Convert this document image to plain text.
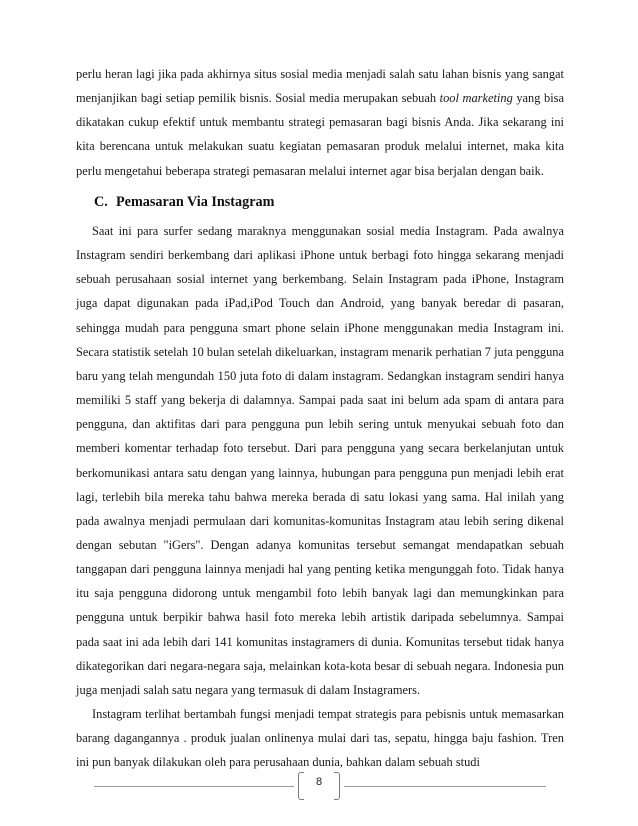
perlu heran lagi jika pada akhirnya situs sosial media menjadi salah satu lahan bisnis yang sangat menjanjikan bagi setiap pemilik bisnis. Sosial media merupakan sebuah tool marketing yang bisa dikatakan cukup efektif untuk membantu strategi pemasaran bagi bisnis Anda. Jika sekarang ini kita berencana untuk melakukan suatu kegiatan pemasaran produk melalui internet, maka kita perlu mengetahui beberapa strategi pemasaran melalui internet agar bisa berjalan dengan baik.

C. Pemasaran Via Instagram

Saat ini para surfer sedang maraknya menggunakan sosial media Instagram. Pada awalnya Instagram sendiri berkembang dari aplikasi iPhone untuk berbagi foto hingga sekarang menjadi sebuah perusahaan sosial internet yang berkembang. Selain Instagram pada iPhone, Instagram juga dapat digunakan pada iPad,iPod Touch dan Android, yang banyak beredar di pasaran, sehingga mudah para pengguna smart phone selain iPhone menggunakan media Instagram ini. Secara statistik setelah 10 bulan setelah dikeluarkan, instagram menarik perhatian 7 juta pengguna baru yang telah mengundah 150 juta foto di dalam instagram. Sedangkan instagram sendiri hanya memiliki 5 staff yang bekerja di dalamnya. Sampai pada saat ini belum ada spam di antara para pengguna, dan aktifitas dari para pengguna pun lebih sering untuk menyukai sebuah foto dan memberi komentar terhadap foto tersebut. Dari para pengguna yang secara berkelanjutan untuk berkomunikasi antara satu dengan yang lainnya, hubungan para pengguna pun menjadi lebih erat lagi, terlebih bila mereka tahu bahwa mereka berada di satu lokasi yang sama. Hal inilah yang pada awalnya menjadi permulaan dari komunitas-komunitas Instagram atau lebih sering dikenal dengan sebutan "iGers". Dengan adanya komunitas tersebut semangat mendapatkan sebuah tanggapan dari pengguna lainnya menjadi hal yang penting ketika mengunggah foto. Tidak hanya itu saja pengguna didorong untuk mengambil foto lebih banyak lagi dan memungkinkan para pengguna untuk berpikir bahwa hasil foto mereka lebih artistik daripada sebelumnya. Sampai pada saat ini ada lebih dari 141 komunitas instagramers di dunia. Komunitas tersebut tidak hanya dikategorikan dari negara-negara saja, melainkan kota-kota besar di sebuah negara. Indonesia pun juga menjadi salah satu negara yang termasuk di dalam Instagramers.

Instagram terlihat bertambah fungsi menjadi tempat strategis para pebisnis untuk memasarkan barang dagangannya . produk jualan onlinenya mulai dari tas, sepatu, hingga baju fashion. Tren ini pun banyak dilakukan oleh para perusahaan dunia, bahkan dalam sebuah studi

8
